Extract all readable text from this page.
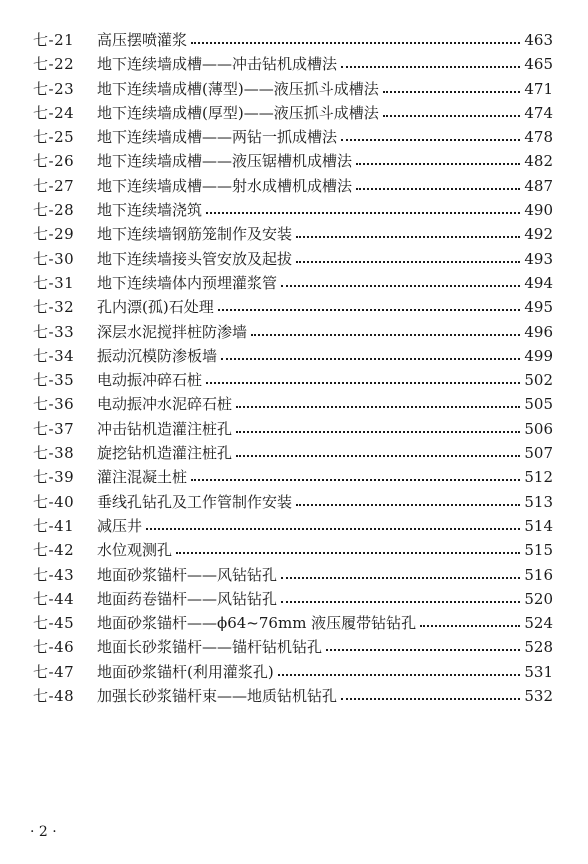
七-21 高压摆喷灌浆	463
七-22 地下连续墙成槽——冲击钻机成槽法	465
七-23 地下连续墙成槽(薄型)——液压抓斗成槽法	471
七-24 地下连续墙成槽(厚型)——液压抓斗成槽法	474
七-25 地下连续墙成槽——两钻一抓成槽法	478
七-26 地下连续墙成槽——液压锯槽机成槽法	482
七-27 地下连续墙成槽——射水成槽机成槽法	487
七-28 地下连续墙浇筑	490
七-29 地下连续墙钢筋笼制作及安装	492
七-30 地下连续墙接头管安放及起拔	493
七-31 地下连续墙体内预埋灌浆管	494
七-32 孔内漂(孤)石处理	495
七-33 深层水泥搅拌桩防渗墙	496
七-34 振动沉模防渗板墙	499
七-35 电动振冲碎石桩	502
七-36 电动振冲水泥碎石桩	505
七-37 冲击钻机造灌注桩孔	506
七-38 旋挖钻机造灌注桩孔	507
七-39 灌注混凝土桩	512
七-40 垂线孔钻孔及工作管制作安装	513
七-41 减压井	514
七-42 水位观测孔	515
七-43 地面砂浆锚杆——风钻钻孔	516
七-44 地面药卷锚杆——风钻钻孔	520
七-45 地面砂浆锚杆——ϕ64~76mm 液压履带钻钻孔	524
七-46 地面长砂浆锚杆——锚杆钻机钻孔	528
七-47 地面砂浆锚杆(利用灌浆孔)	531
七-48 加强长砂浆锚杆束——地质钻机钻孔	532
· 2 ·
